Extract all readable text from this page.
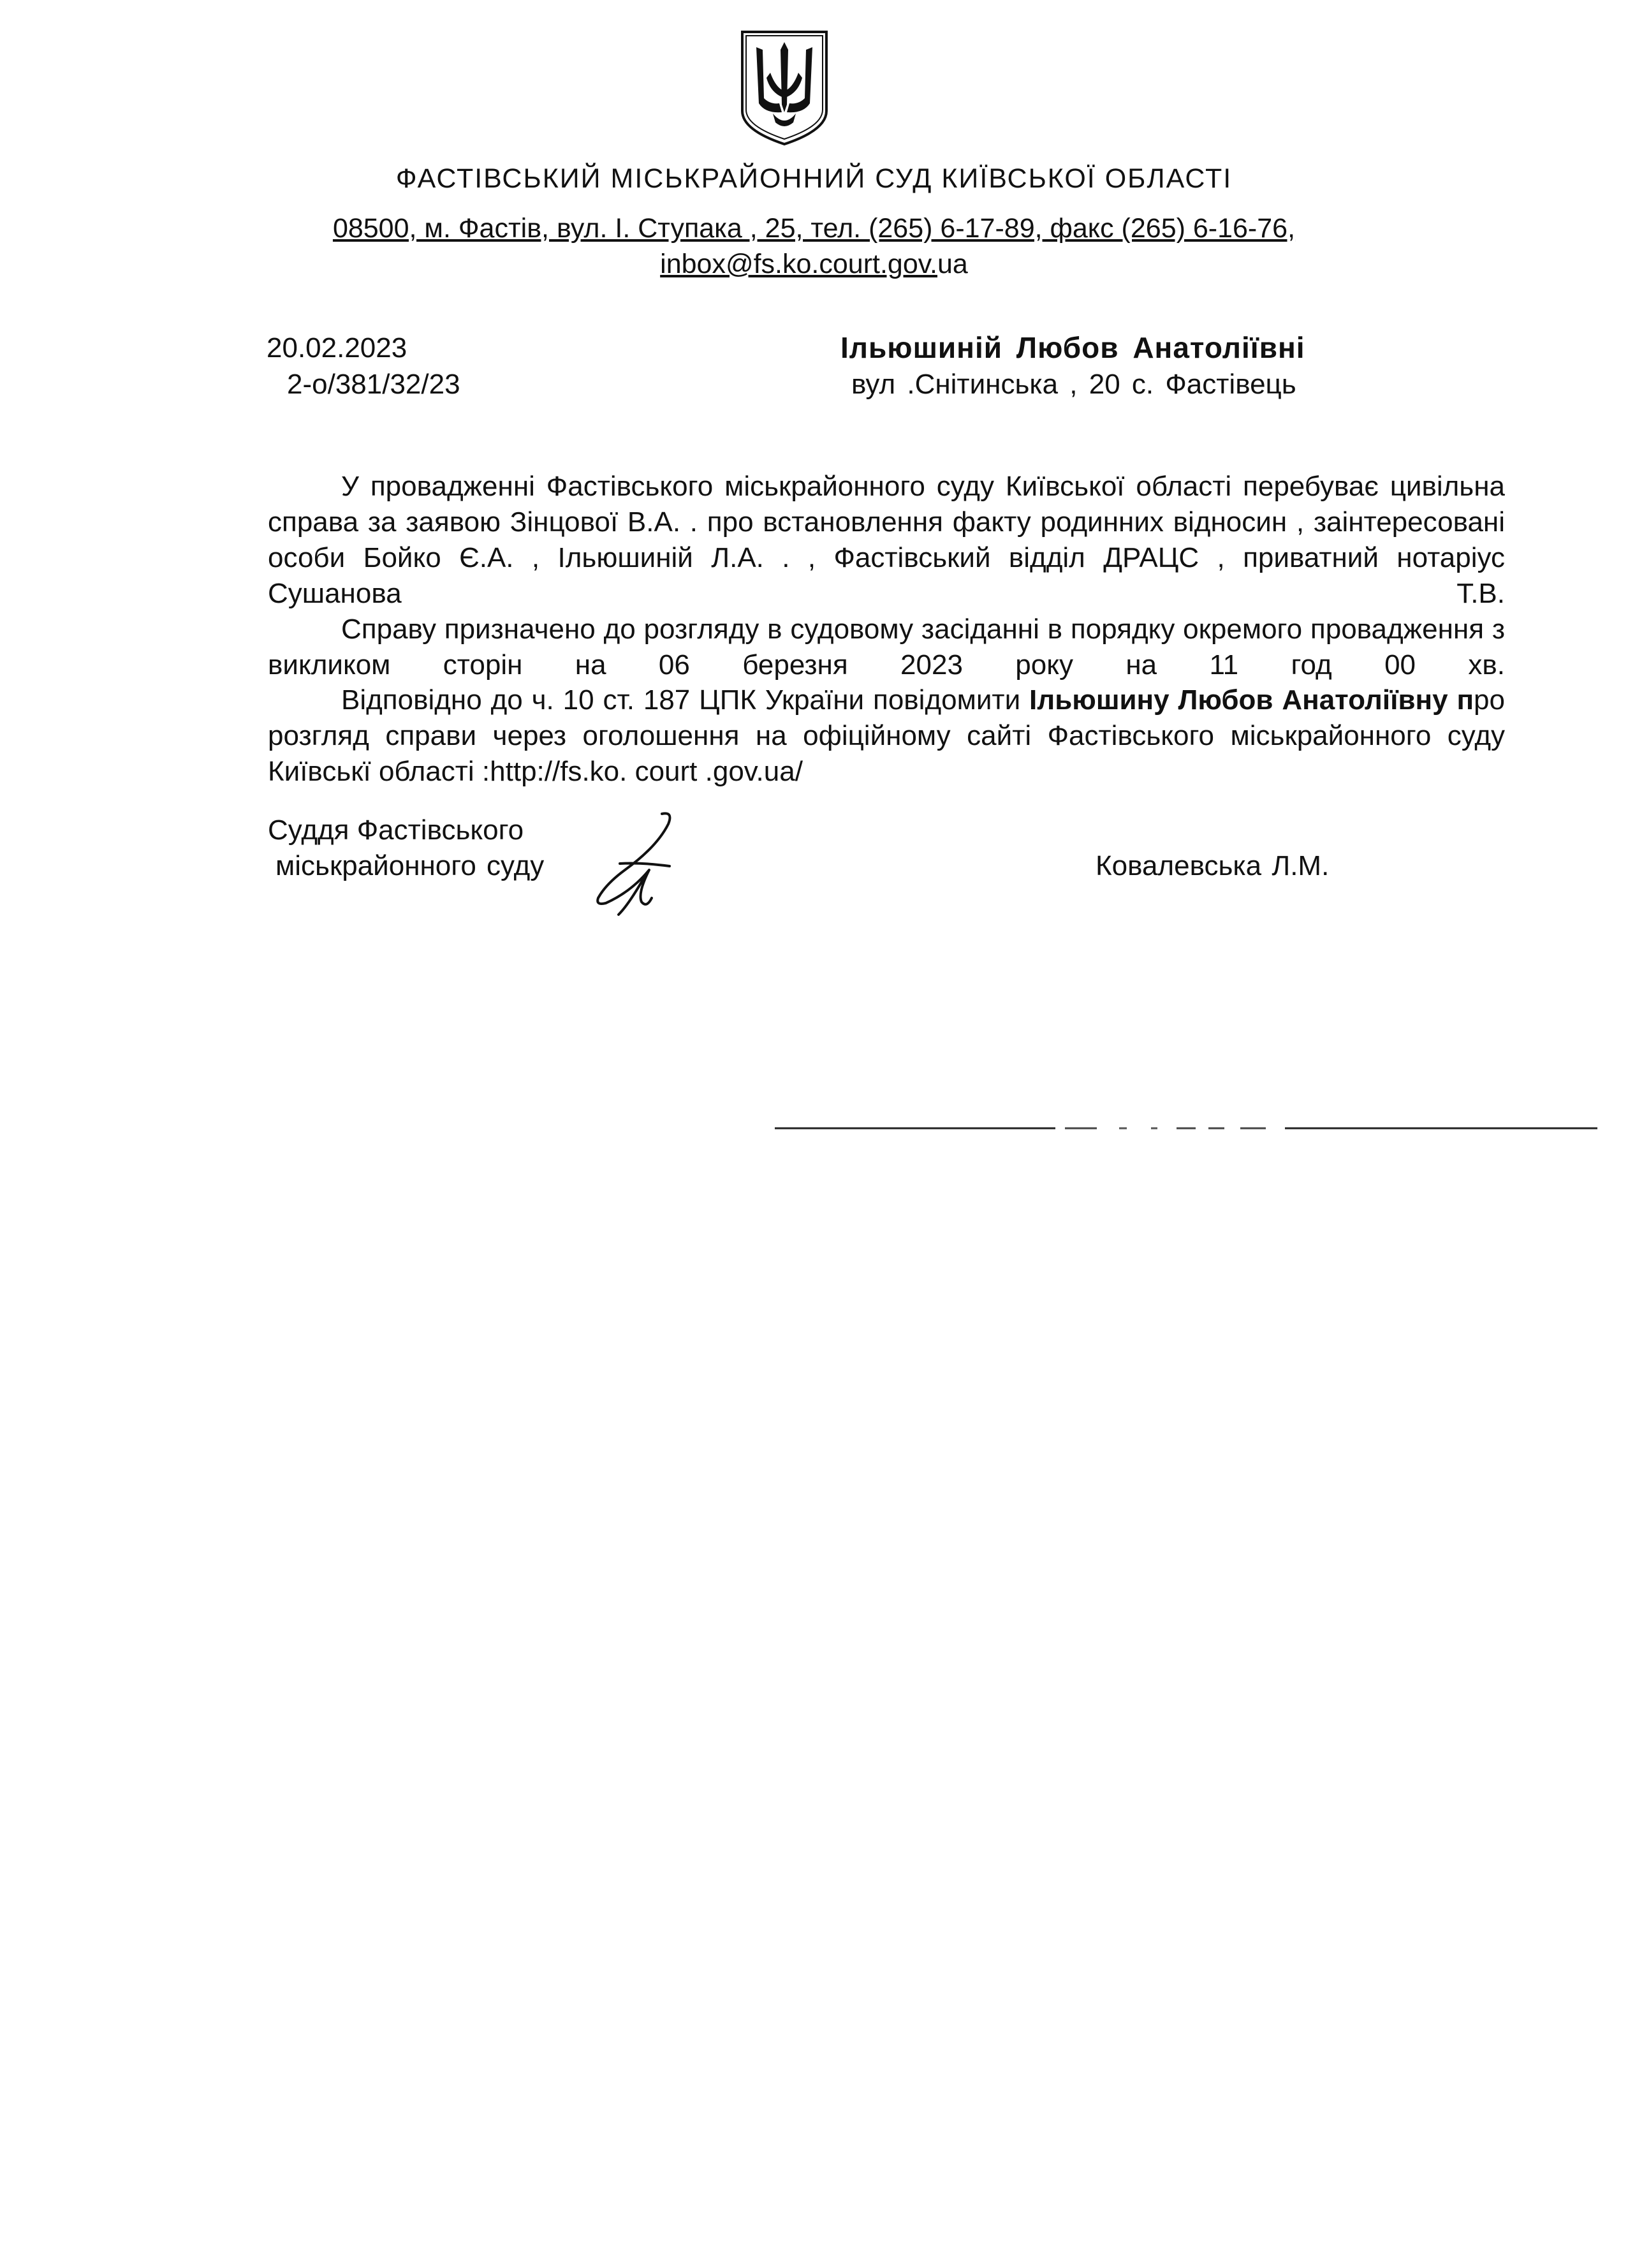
ФАСТІВСЬКИЙ МІСЬКРАЙОННИЙ СУД КИЇВСЬКОЇ ОБЛАСТІ
08500, м. Фастів, вул. І. Ступака , 25, тел. (265) 6-17-89, факс (265) 6-16-76,
inbox@fs.ko.court.gov.ua
20.02.2023
2-о/381/32/23
Ільюшиній Любов Анатоліївні
вул .Снітинська , 20 с. Фастівець
У провадженні Фастівського міськрайонного суду Київської області перебуває цивільна справа за заявою Зінцової В.А. . про встановлення факту родинних відносин , заінтересовані особи Бойко Є.А. , Ільюшиній Л.А. . , Фастівський відділ ДРАЦС , приватний нотаріус Сушанова Т.В.
Справу призначено до розгляду в судовому засіданні в порядку окремого провадження з викликом сторін на 06 березня 2023 року на 11 год 00 хв.
Відповідно до ч. 10 ст. 187 ЦПК України повідомити Ільюшину Любов Анатоліївну про розгляд справи через оголошення на офіційному сайті Фастівського міськрайонного суду Київськї області :http://fs.ko. court .gov.ua/
Суддя Фастівського
міськрайонного суду	Ковалевська Л.М.
